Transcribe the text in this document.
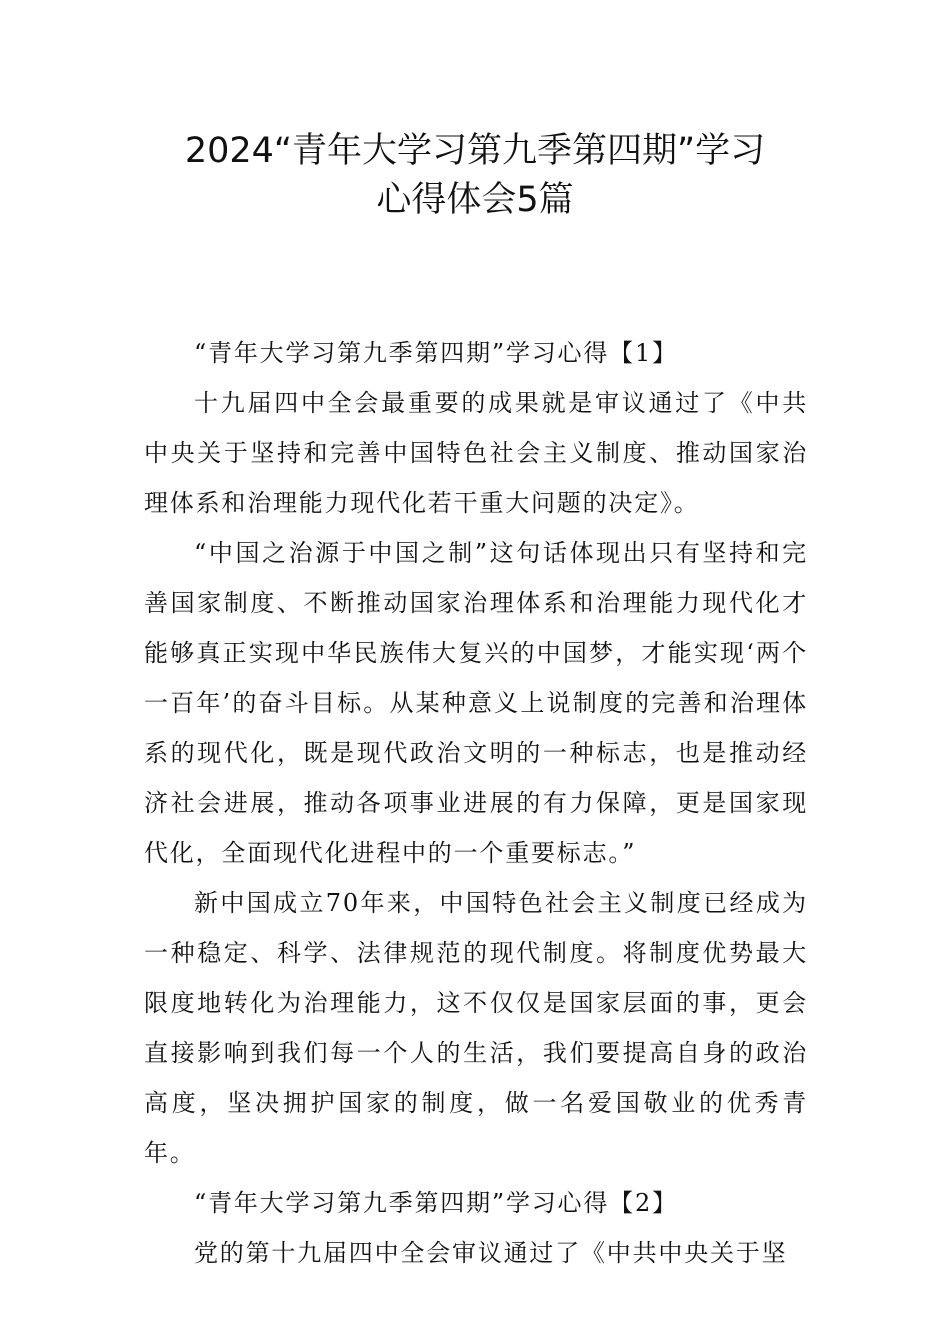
2024“青年大学习第九季第四期”学习
心得体会5篇

“青年大学习第九季第四期”学习心得【1】

十九届四中全会最重要的成果就是审议通过了《中共中央关于坚持和完善中国特色社会主义制度、推动国家治理体系和治理能力现代化若干重大问题的决定》。

“中国之治源于中国之制”这句话体现出只有坚持和完善国家制度、不断推动国家治理体系和治理能力现代化才能够真正实现中华民族伟大复兴的中国梦，才能实现‘两个一百年’的奋斗目标。从某种意义上说制度的完善和治理体系的现代化，既是现代政治文明的一种标志，也是推动经济社会进展，推动各项事业进展的有力保障，更是国家现代化，全面现代化进程中的一个重要标志。”

新中国成立70年来，中国特色社会主义制度已经成为一种稳定、科学、法律规范的现代制度。将制度优势最大限度地转化为治理能力，这不仅仅是国家层面的事，更会直接影响到我们每一个人的生活，我们要提高自身的政治高度，坚决拥护国家的制度，做一名爱国敬业的优秀青年。

“青年大学习第九季第四期”学习心得【2】

党的第十九届四中全会审议通过了《中共中央关于坚
